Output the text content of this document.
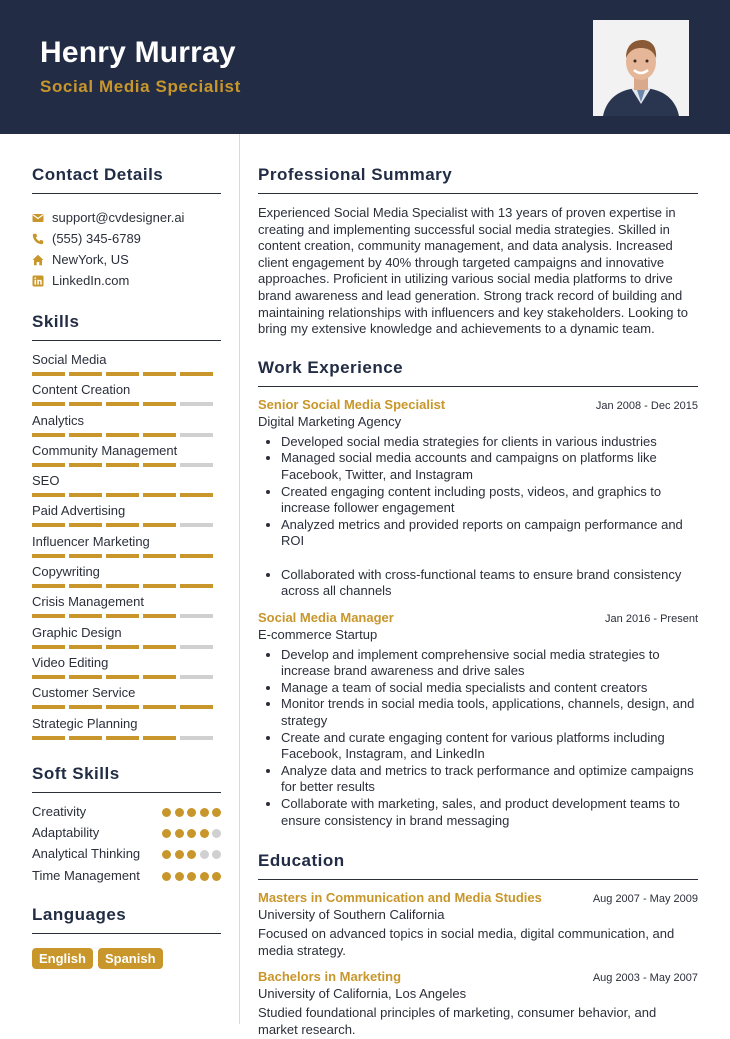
Henry Murray
Social Media Specialist
Contact Details
support@cvdesigner.ai
(555) 345-6789
NewYork, US
LinkedIn.com
Skills
Social Media
Content Creation
Analytics
Community Management
SEO
Paid Advertising
Influencer Marketing
Copywriting
Crisis Management
Graphic Design
Video Editing
Customer Service
Strategic Planning
Soft Skills
Creativity
Adaptability
Analytical Thinking
Time Management
Languages
English	Spanish
Professional Summary
Experienced Social Media Specialist with 13 years of proven expertise in creating and implementing successful social media strategies. Skilled in content creation, community management, and data analysis. Increased client engagement by 40% through targeted campaigns and innovative approaches. Proficient in utilizing various social media platforms to drive brand awareness and lead generation. Strong track record of building and maintaining relationships with influencers and key stakeholders. Looking to bring my extensive knowledge and achievements to a dynamic team.
Work Experience
Senior Social Media Specialist	Jan 2008 - Dec 2015
Digital Marketing Agency
• Developed social media strategies for clients in various industries
• Managed social media accounts and campaigns on platforms like Facebook, Twitter, and Instagram
• Created engaging content including posts, videos, and graphics to increase follower engagement
• Analyzed metrics and provided reports on campaign performance and ROI
• Collaborated with cross-functional teams to ensure brand consistency across all channels
Social Media Manager	Jan 2016 - Present
E-commerce Startup
• Develop and implement comprehensive social media strategies to increase brand awareness and drive sales
• Manage a team of social media specialists and content creators
• Monitor trends in social media tools, applications, channels, design, and strategy
• Create and curate engaging content for various platforms including Facebook, Instagram, and LinkedIn
• Analyze data and metrics to track performance and optimize campaigns for better results
• Collaborate with marketing, sales, and product development teams to ensure consistency in brand messaging
Education
Masters in Communication and Media Studies	Aug 2007 - May 2009
University of Southern California
Focused on advanced topics in social media, digital communication, and media strategy.
Bachelors in Marketing	Aug 2003 - May 2007
University of California, Los Angeles
Studied foundational principles of marketing, consumer behavior, and market research.
